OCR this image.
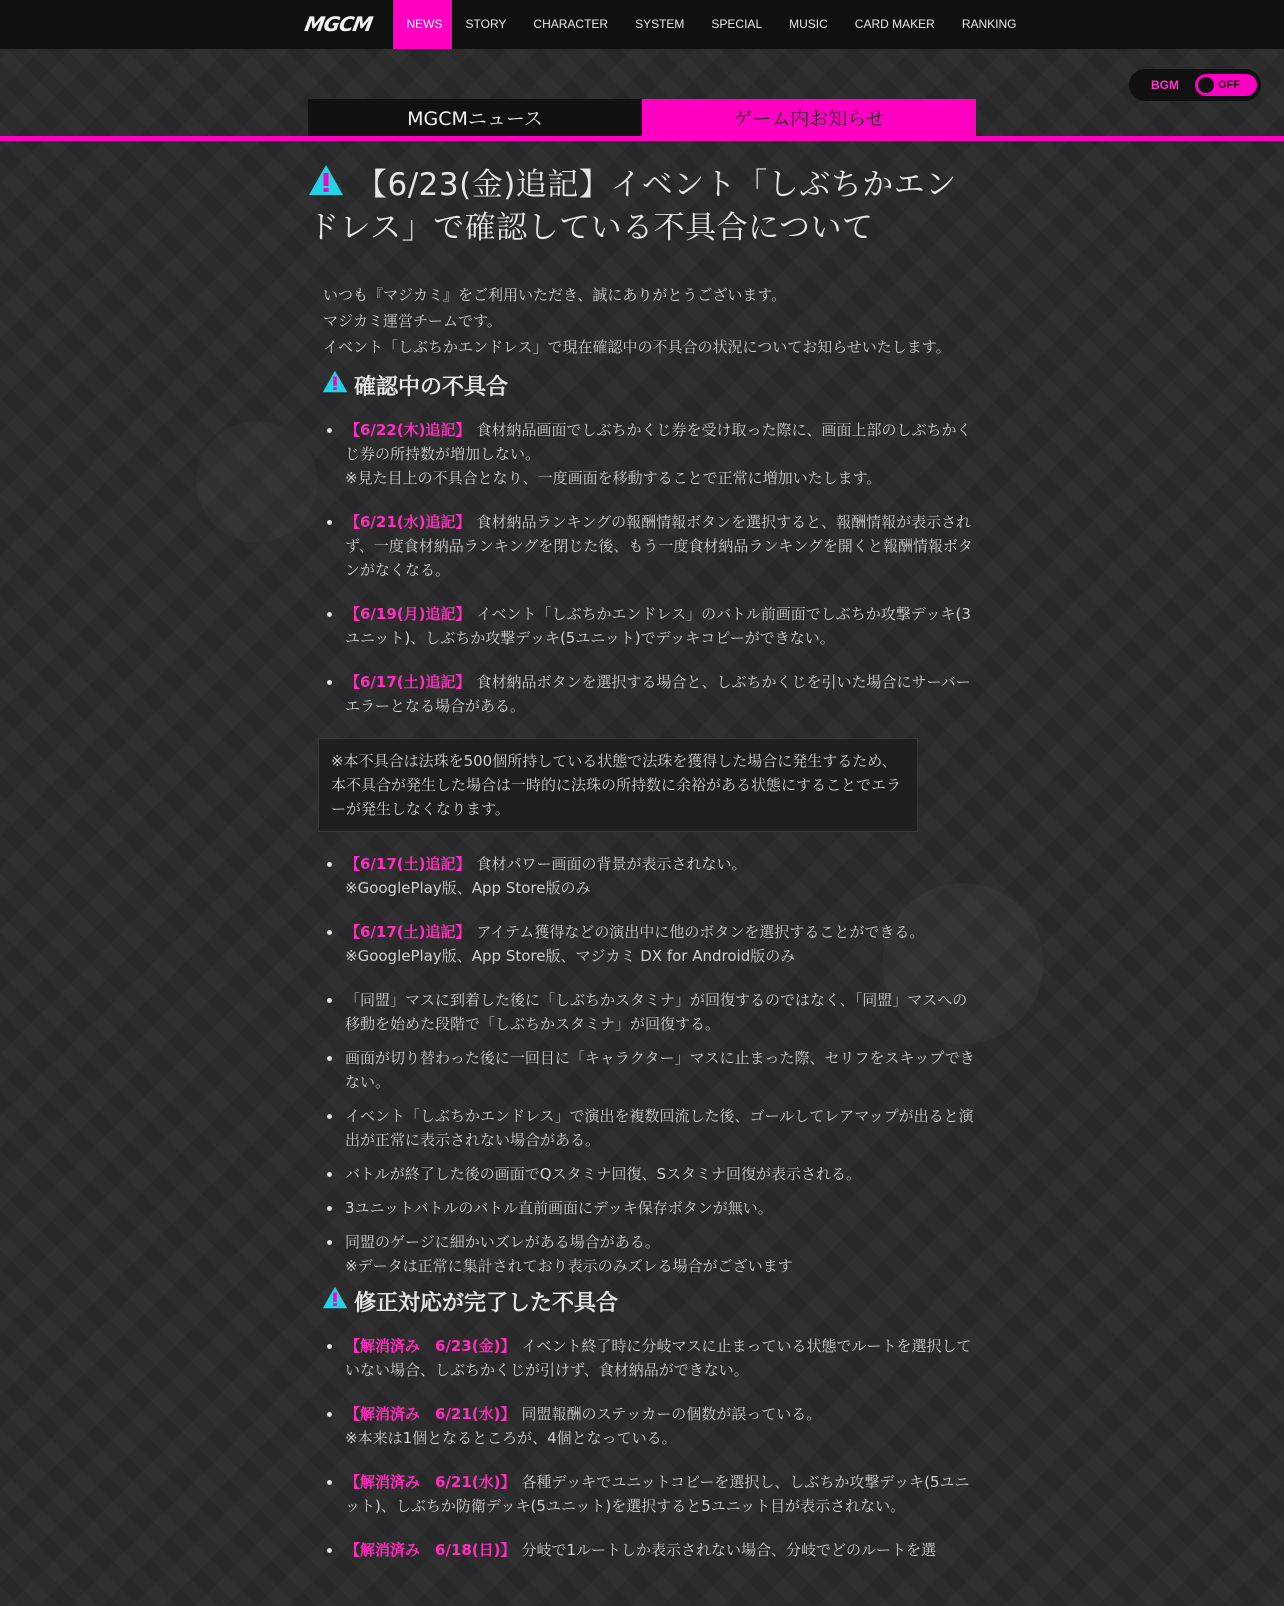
MGCM	NEWS	STORY	CHARACTER	SYSTEM	SPECIAL	MUSIC	CARD MAKER	RANKING
BGM	OFF
MGCMニュース	ゲーム内お知らせ
【6/23(金)追記】イベント「しぶちかエンドレス」で確認している不具合について

いつも『マジカミ』をご利用いただき、誠にありがとうございます。

マジカミ運営チームです。

イベント「しぶちかエンドレス」で現在確認中の不具合の状況についてお知らせいたします。

確認中の不具合
【6/22(木)追記】 食材納品画面でしぶちかくじ券を受け取った際に、画面上部のしぶちかくじ券の所持数が増加しない。
※見た目上の不具合となり、一度画面を移動することで正常に増加いたします。
【6/21(水)追記】 食材納品ランキングの報酬情報ボタンを選択すると、報酬情報が表示されず、一度食材納品ランキングを閉じた後、もう一度食材納品ランキングを開くと報酬情報ボタンがなくなる。
【6/19(月)追記】 イベント「しぶちかエンドレス」のバトル前画面でしぶちか攻撃デッキ(3ユニット)、しぶちか攻撃デッキ(5ユニット)でデッキコピーができない。
【6/17(土)追記】 食材納品ボタンを選択する場合と、しぶちかくじを引いた場合にサーバーエラーとなる場合がある。
※本不具合は法珠を500個所持している状態で法珠を獲得した場合に発生するため、本不具合が発生した場合は一時的に法珠の所持数に余裕がある状態にすることでエラーが発生しなくなります。
【6/17(土)追記】 食材パワー画面の背景が表示されない。
※GooglePlay版、App Store版のみ
【6/17(土)追記】 アイテム獲得などの演出中に他のボタンを選択することができる。
※GooglePlay版、App Store版、マジカミ DX for Android版のみ
「同盟」マスに到着した後に「しぶちかスタミナ」が回復するのではなく、「同盟」マスへの移動を始めた段階で「しぶちかスタミナ」が回復する。
画面が切り替わった後に一回目に「キャラクター」マスに止まった際、セリフをスキップできない。
イベント「しぶちかエンドレス」で演出を複数回流した後、ゴールしてレアマップが出ると演出が正常に表示されない場合がある。
バトルが終了した後の画面でQスタミナ回復、Sスタミナ回復が表示される。
3ユニットバトルのバトル直前画面にデッキ保存ボタンが無い。
同盟のゲージに細かいズレがある場合がある。
※データは正常に集計されており表示のみズレる場合がございます
修正対応が完了した不具合
【解消済み　6/23(金)】 イベント終了時に分岐マスに止まっている状態でルートを選択していない場合、しぶちかくじが引けず、食材納品ができない。
【解消済み　6/21(水)】 同盟報酬のステッカーの個数が誤っている。
※本来は1個となるところが、4個となっている。
【解消済み　6/21(水)】 各種デッキでユニットコピーを選択し、しぶちか攻撃デッキ(5ユニット)、しぶちか防衛デッキ(5ユニット)を選択すると5ユニット目が表示されない。
【解消済み　6/18(日)】 分岐で1ルートしか表示されない場合、分岐でどのルートを選
